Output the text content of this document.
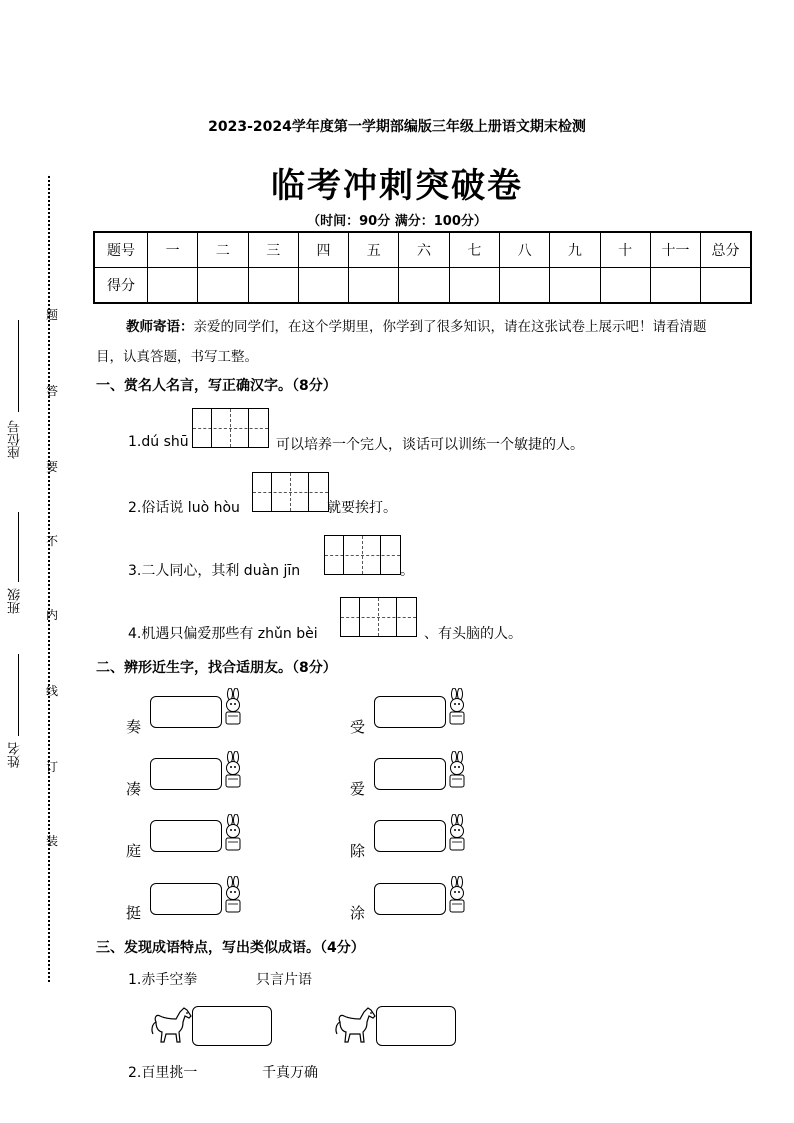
座位号
班级
姓名
题
答
要
不
内
线
订
装
2023-2024学年度第一学期部编版三年级上册语文期末检测
临考冲刺突破卷
（时间：90分 满分：100分）
题号	一	二	三	四	五	六	七	八	九	十	十一	总分
得分												
教师寄语：亲爱的同学们，在这个学期里，你学到了很多知识，请在这张试卷上展示吧！请看清题目，认真答题，书写工整。
一、赏名人名言，写正确汉字。（8分）
1.dú shū	可以培养一个完人，谈话可以训练一个敏捷的人。
2.俗话说 luò hòu	就要挨打。
3.二人同心，其利 duàn jīn	。
4.机遇只偏爱那些有 zhǔn bèi	、有头脑的人。
二、辨形近生字，找合适朋友。（8分）
奏	受
凑	爱
庭	除
挺	涂
三、发现成语特点，写出类似成语。（4分）
1.赤手空拳	只言片语
2.百里挑一	千真万确
